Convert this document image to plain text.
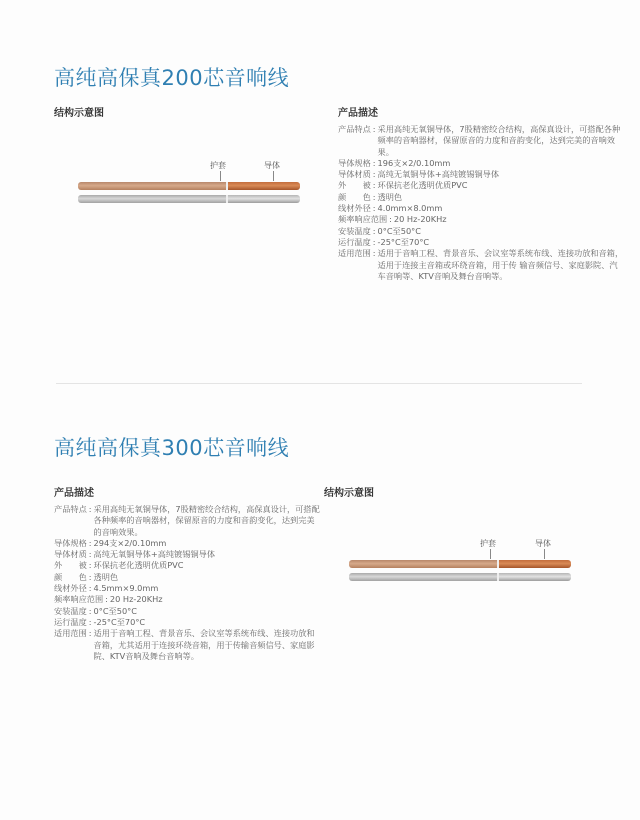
高纯高保真200芯音响线
结构示意图
护套	导体
产品描述
产品特点 : 采用高纯无氧铜导体，7股精密绞合结构，高保真设计，可搭配各种频率的音响器材，保留原音的力度和音韵变化，达到完美的音响效果。
导体规格 : 196支×2/0.10mm
导体材质 : 高纯无氧铜导体+高纯镀锡铜导体
外　　被 : 环保抗老化透明优质PVC
颜　　色 : 透明色
线材外径 : 4.0mm×8.0mm
频率响应范围 : 20 Hz-20KHz
安装温度 : 0°C至50°C
运行温度 : -25°C至70°C
适用范围 : 适用于音响工程、背景音乐、会议室等系统布线、连接功放和音箱，适用于连接主音箱或环绕音箱，用于传 输音频信号、家庭影院、汽车音响等、KTV音响及舞台音响等。
高纯高保真300芯音响线
产品描述
产品特点 : 采用高纯无氧铜导体，7股精密绞合结构，高保真设计，可搭配各种频率的音响器材，保留原音的力度和音韵变化，达到完美的音响效果。
导体规格 : 294支×2/0.10mm
导体材质 : 高纯无氧铜导体+高纯镀锡铜导体
外　　被 : 环保抗老化透明优质PVC
颜　　色 : 透明色
线材外径 : 4.5mm×9.0mm
频率响应范围 : 20 Hz-20KHz
安装温度 : 0°C至50°C
运行温度 : -25°C至70°C
适用范围 : 适用于音响工程、背景音乐、会议室等系统布线、连接功放和音箱，尤其适用于连接环绕音箱，用于传输音频信号、家庭影院、KTV音响及舞台音响等。
结构示意图
护套	导体
